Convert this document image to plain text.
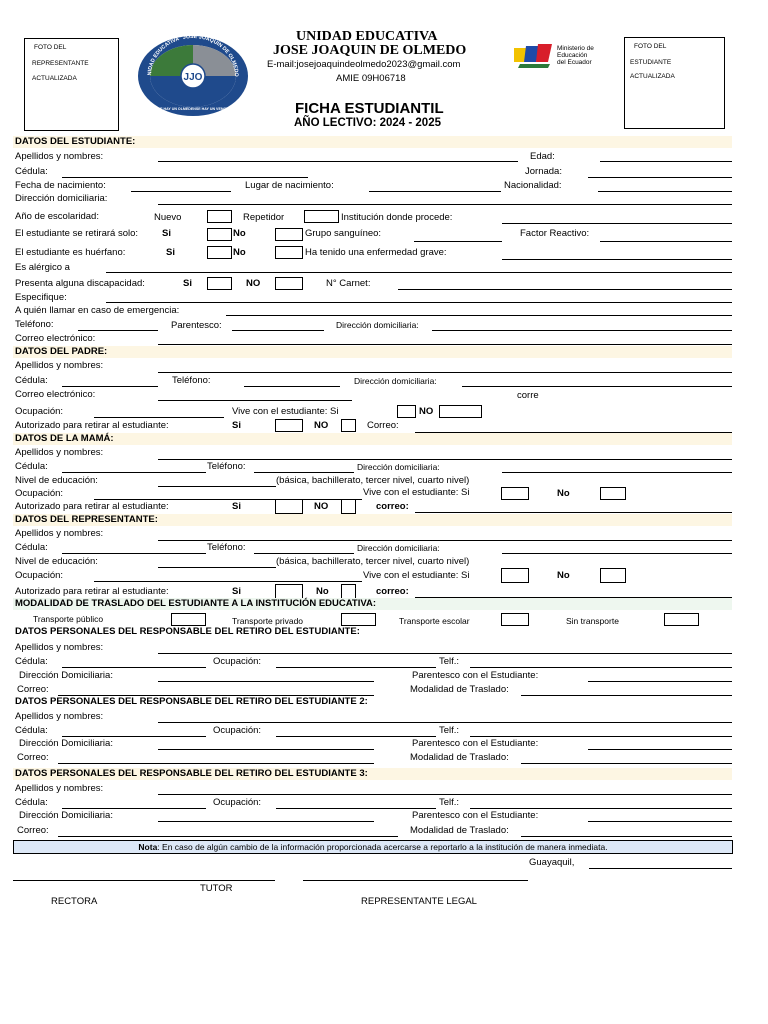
FOTO DEL
REPRESENTANTE
ACTUALIZADA	JJO
NIDAD EDUCATIVA "JOSÉ JOAQUÍN DE OLMEDO
"DONDE HAY UN OLMEDENSE HAY UN VENCEDOR"
UNIDAD EDUCATIVA
JOSE JOAQUIN DE OLMEDO
E-mail:josejoaquindeolmedo2023@gmail.com
AMIE 09H06718
Ministerio de
Educación
del Ecuador
FOTO DEL
ESTUDIANTE
ACTUALIZADA
FICHA ESTUDIANTIL
AÑO LECTIVO: 2024 - 2025
DATOS DEL ESTUDIANTE:
Apellidos y nombres:	Edad:
Cédula:	Jornada:
Fecha de nacimiento:	Lugar de nacimiento:	Nacionalidad:
Dirección domiciliaria:
Año de escolaridad:	Nuevo	Repetidor	Institución donde procede:
El estudiante se retirará solo:	Si	No	Grupo sanguíneo:	Factor Reactivo:
El estudiante es huérfano:	Si	No	Ha tenido una enfermedad grave:
Es alérgico a
Presenta alguna discapacidad:	Si	NO	N° Carnet:
Especifique:
A quién llamar en caso de emergencia:
Teléfono:	Parentesco:	Dirección domiciliaria:
Correo electrónico:
DATOS DEL PADRE:
Apellidos y nombres:
Cédula:	Teléfono:	Dirección domiciliaria:
Correo electrónico:	corre
Ocupación:	Vive con el estudiante: Si	NO
Autorizado para retirar al estudiante:	Si	NO	Correo:
DATOS DE LA MAMÁ:
Apellidos y nombres:
Cédula:	Teléfono:	Dirección domiciliaria:
Nivel de educación:	(básica, bachillerato, tercer nivel, cuarto nivel)
Ocupación:	Vive con el estudiante: Si	No
Autorizado para retirar al estudiante:	Si	NO	correo:
DATOS DEL REPRESENTANTE:
Apellidos y nombres:
Cédula:	Teléfono:	Dirección domiciliaria:
Nivel de educación:	(básica, bachillerato, tercer nivel, cuarto nivel)
Ocupación:	Vive con el estudiante: Si	No
Autorizado para retirar al estudiante:	Si	No	correo:
MODALIDAD DE TRASLADO DEL ESTUDIANTE A LA INSTITUCIÓN EDUCATIVA:
Transporte público	Transporte privado	Transporte escolar	Sin transporte
DATOS PERSONALES DEL RESPONSABLE DEL RETIRO DEL ESTUDIANTE:
Apellidos y nombres:
Cédula:	Ocupación:	Telf.:
Dirección Domiciliaria:	Parentesco con el Estudiante:
Correo:	Modalidad de Traslado:
DATOS PERSONALES DEL RESPONSABLE DEL RETIRO DEL ESTUDIANTE 2:
Apellidos y nombres:
Cédula:	Ocupación:	Telf.:
Dirección Domiciliaria:	Parentesco con el Estudiante:
Correo:	Modalidad de Traslado:
DATOS PERSONALES DEL RESPONSABLE DEL RETIRO DEL ESTUDIANTE 3:
Apellidos y nombres:
Cédula:	Ocupación:	Telf.:
Dirección Domiciliaria:	Parentesco con el Estudiante:
Correo:	Modalidad de Traslado:
Nota: En caso de algún cambio de la información proporcionada acercarse a reportarlo a la institución de manera inmediata.
Guayaquil,
TUTOR
RECTORA	REPRESENTANTE LEGAL
